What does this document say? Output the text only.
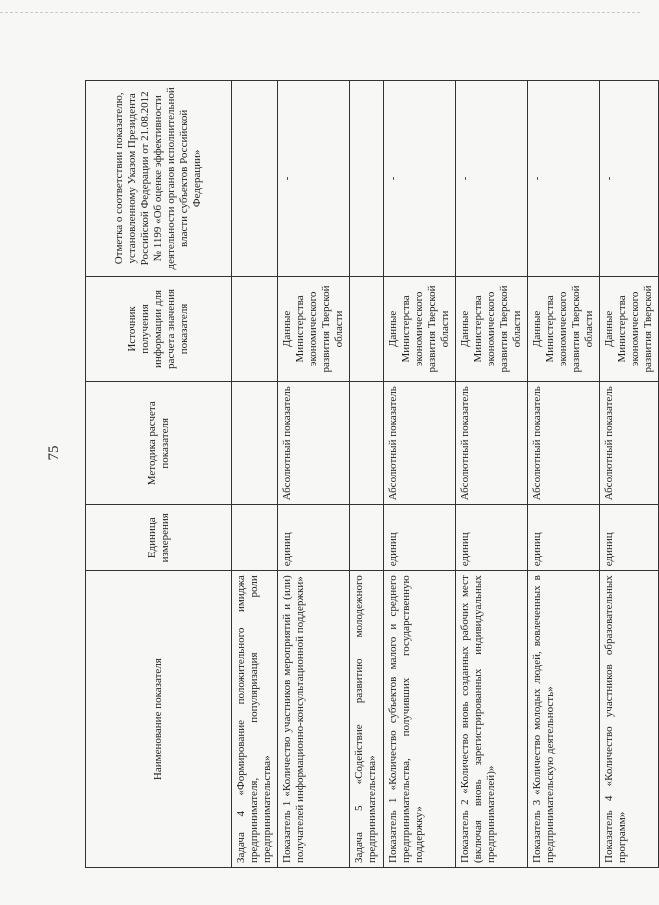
75
Наименование показателя	Единица измерения	Методика расчета показателя	Источник получения информации для расчета значения показателя	Отметка о соответствии показателю, установленному Указом Президента Российской Федерации от 21.08.2012 № 1199 «Об оценке эффективности деятельности органов исполнительной власти субъектов Российской Федерации»
Задача 4 «Формирование положительного имиджа предпринимателя, популяризация роли предпринимательства»				
Показатель 1 «Количество участников мероприятий и (или) получателей информационно-консультационной поддержки»	единиц	Абсолютный показатель	Данные Министерства экономического развития Тверской области	-
Задача 5 «Содействие развитию молодежного предпринимательства»				
Показатель 1 «Количество субъектов малого и среднего предпринимательства, получивших государственную поддержку»	единиц	Абсолютный показатель	Данные Министерства экономического развития Тверской области	-
Показатель 2 «Количество вновь созданных рабочих мест (включая вновь зарегистрированных индивидуальных предпринимателей)»	единиц	Абсолютный показатель	Данные Министерства экономического развития Тверской области	-
Показатель 3 «Количество молодых людей, вовлеченных в предпринимательскую деятельность»	единиц	Абсолютный показатель	Данные Министерства экономического развития Тверской области	-
Показатель 4 «Количество участников образовательных программ»	единиц	Абсолютный показатель	Данные Министерства экономического развития Тверской	-
